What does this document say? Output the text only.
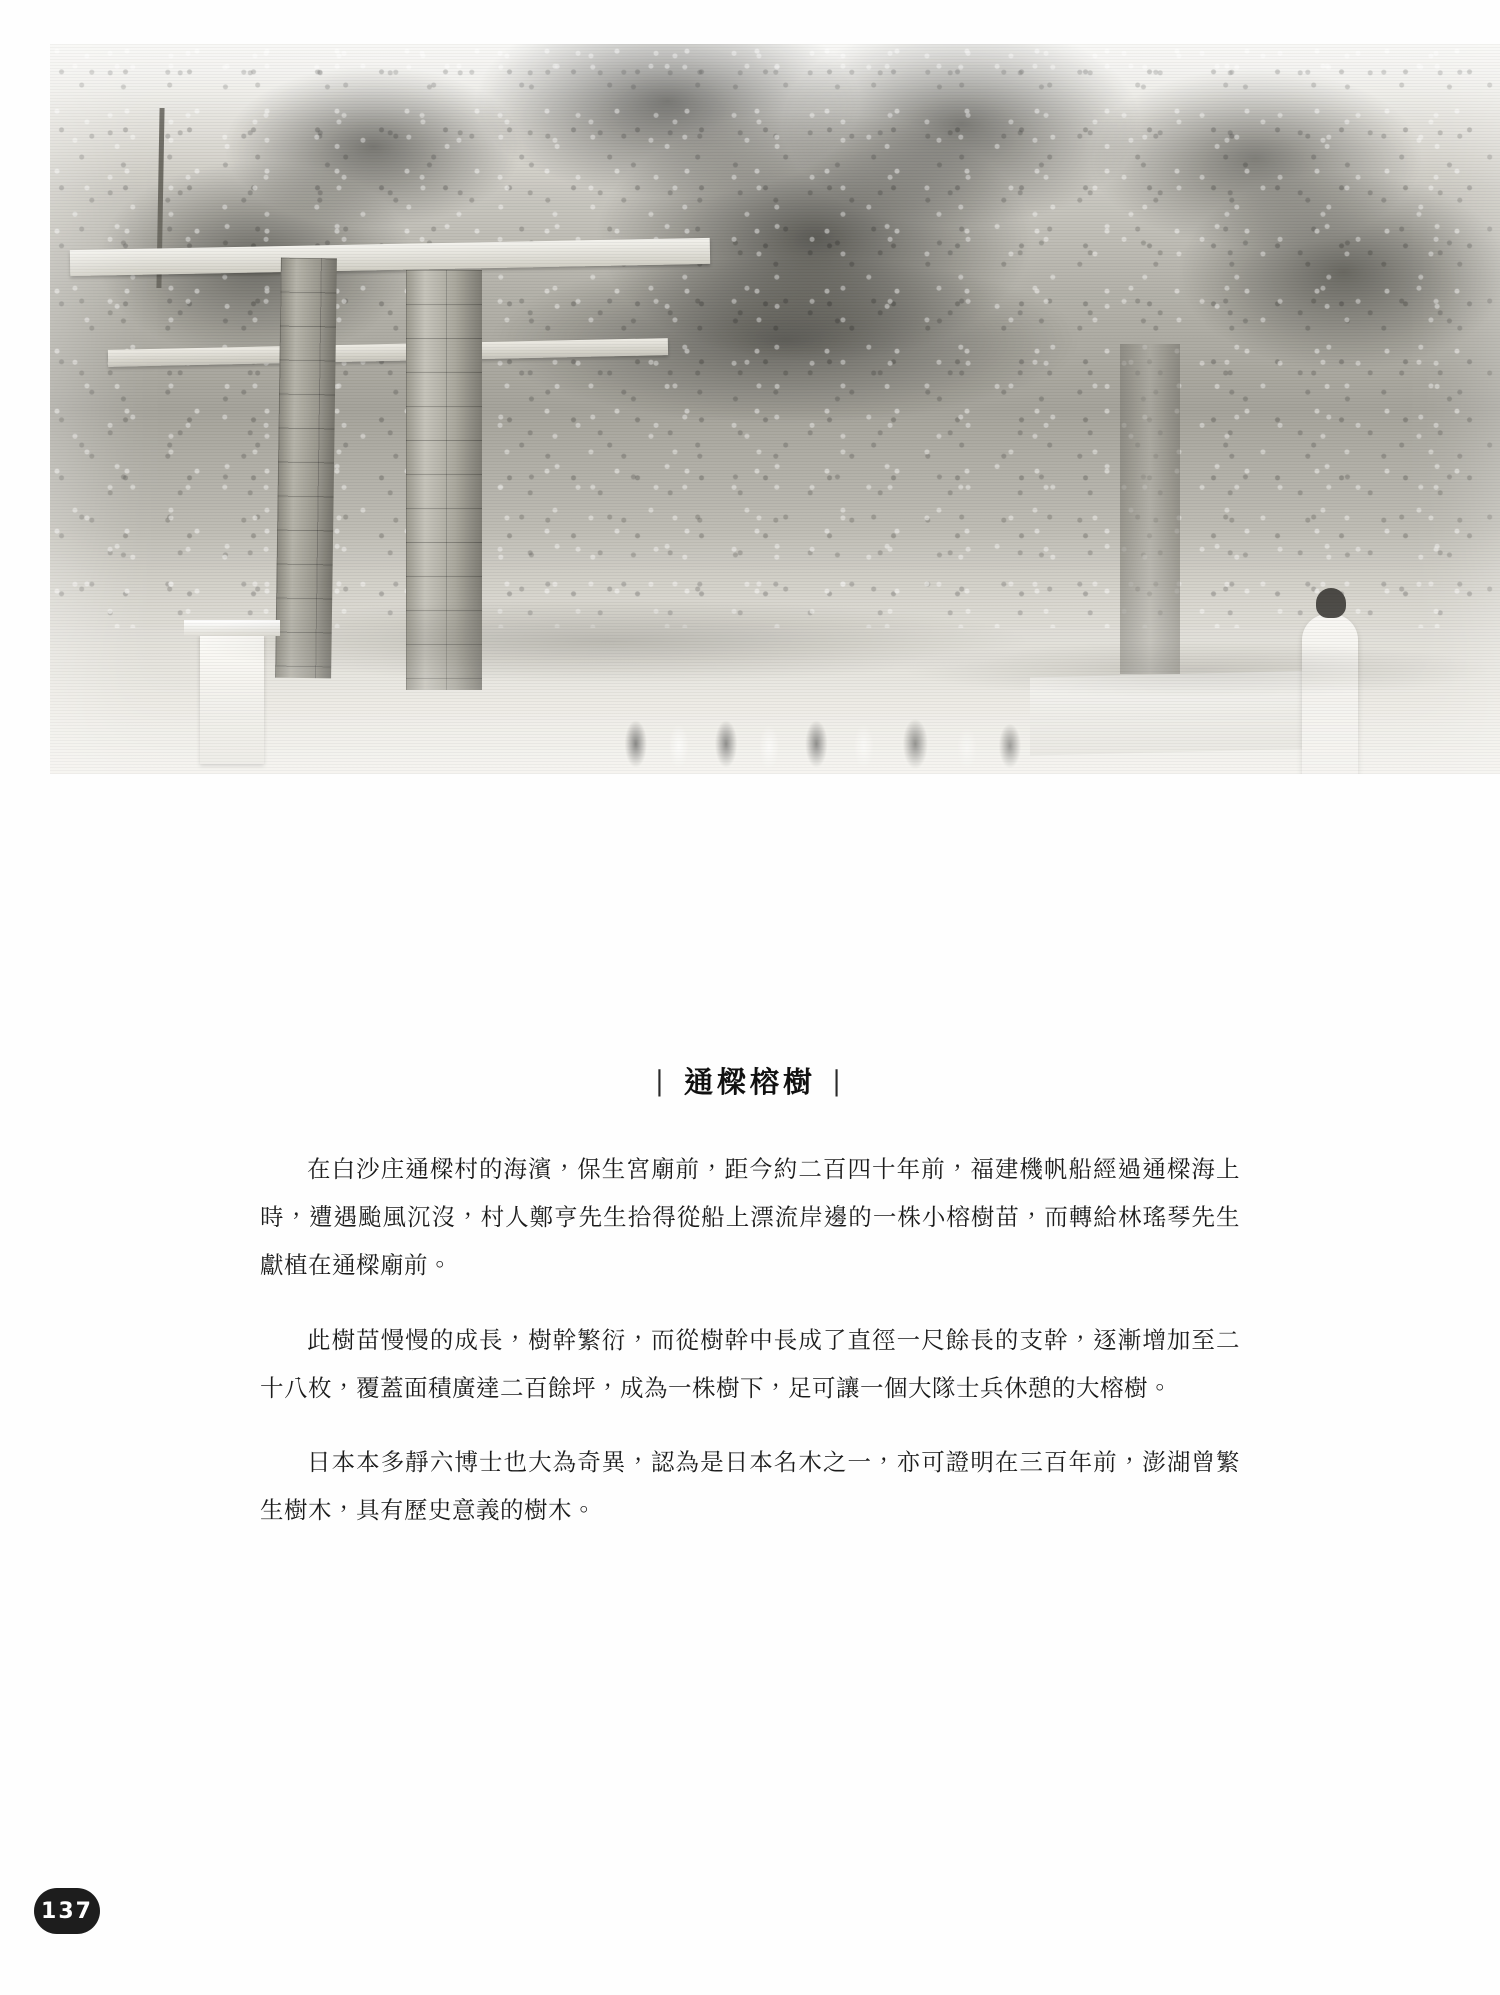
| 通樑榕樹 |

在白沙庄通樑村的海濱，保生宮廟前，距今約二百四十年前，福建機帆船經過通樑海上時，遭遇颱風沉沒，村人鄭亨先生拾得從船上漂流岸邊的一株小榕樹苗，而轉給林瑤琴先生獻植在通樑廟前。

此樹苗慢慢的成長，樹幹繁衍，而從樹幹中長成了直徑一尺餘長的支幹，逐漸增加至二十八枚，覆蓋面積廣達二百餘坪，成為一株樹下，足可讓一個大隊士兵休憩的大榕樹。

日本本多靜六博士也大為奇異，認為是日本名木之一，亦可證明在三百年前，澎湖曾繁生樹木，具有歷史意義的樹木。

137
